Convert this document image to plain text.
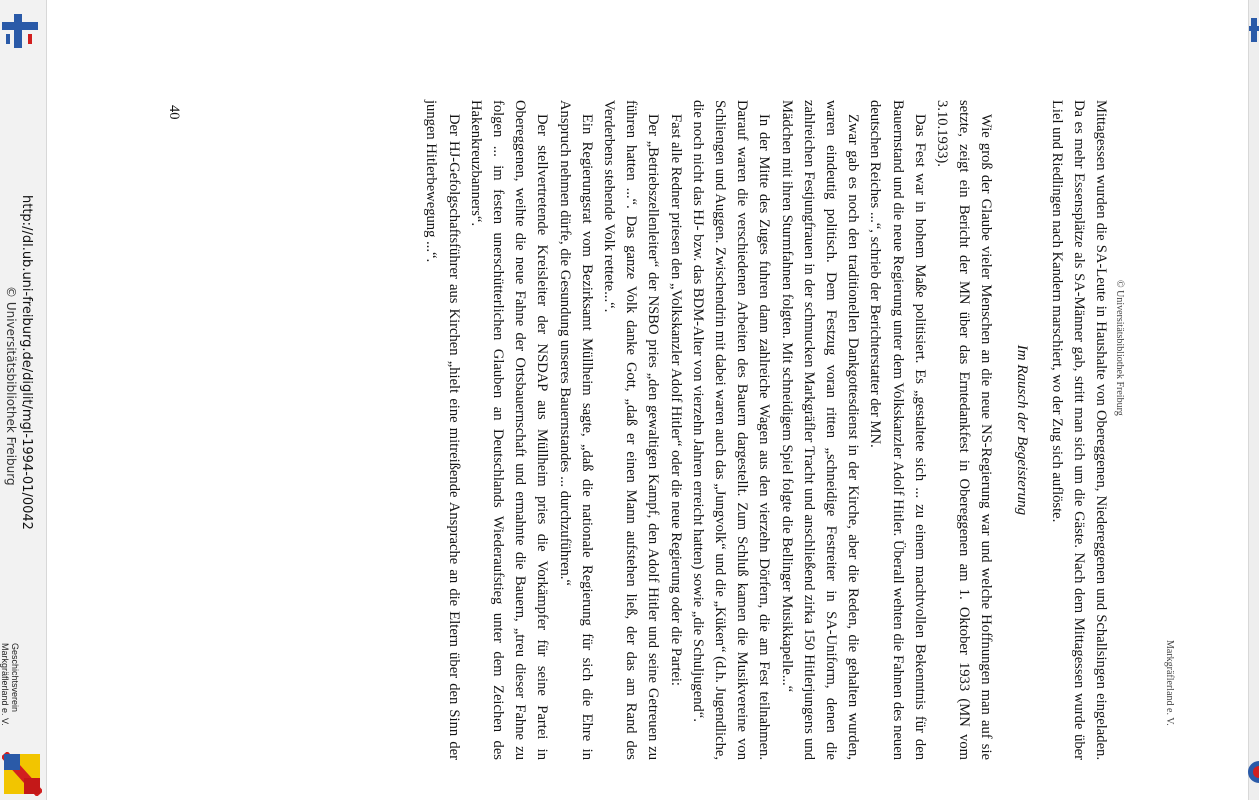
http://dl.ub.uni-freiburg.de/diglit/mgl-1994-01/0042
© Universitätsbibliothek Freiburg
Geschichtsverein
Markgräflerland e. V.
© Universitätsbibliothek Freiburg
Markgräflerland e. V.
40	Mittagessen wurden die SA-Leute in Haushalte von Obereggenen, Niedereggenen und Schallsingen eingeladen. Da es mehr Essensplätze als SA-Männer gab, stritt man sich um die Gäste. Nach dem Mittagessen wurde über Liel und Riedlingen nach Kandern marschiert, wo der Zug sich auflöste.

Im Rausch der Begeisterung

Wie groß der Glaube vieler Menschen an die neue NS-Regierung war und welche Hoffnungen man auf sie setzte, zeigt ein Bericht der MN über das Erntedankfest in Obereggenen am 1. Oktober 1933 (MN vom 3.10.1933).

Das Fest war in hohem Maße politisiert. Es „gestaltete sich ... zu einem machtvollen Bekenntnis für den Bauernstand und die neue Regierung unter dem Volkskanzler Adolf Hitler. Überall wehten die Fahnen des neuen deutschen Reiches ...“, schrieb der Berichterstatter der MN.

Zwar gab es noch den traditionellen Dankgottesdienst in der Kirche, aber die Reden, die gehalten wurden, waren eindeutig politisch. Dem Festzug voran ritten „schneidige Festreiter in SA-Uniform, denen die zahlreichen Festjungfrauen in der schmucken Markgräfler Tracht und anschließend zirka 150 Hitlerjungens und Mädchen mit ihren Sturmfahnen folgten. Mit schneidigem Spiel folgte die Bellinger Musikkapelle...“

In der Mitte des Zuges fuhren dann zahlreiche Wagen aus den vierzehn Dörfern, die am Fest teilnahmen. Darauf waren die verschiedenen Arbeiten des Bauern dargestellt. Zum Schluß kamen die Musikvereine von Schliengen und Auggen. Zwischendrin mit dabei waren auch das „Jungvolk“ und die „Küken“ (d.h. Jugendliche, die noch nicht das HJ- bzw. das BDM-Alter von vierzehn Jahren erreicht hatten) sowie „die Schuljugend“.

Fast alle Redner priesen den „Volkskanzler Adolf Hitler“ oder die neue Regierung oder die Partei:

Der „Betriebszellenleiter“ der NSBO pries „den gewaltigen Kampf, den Adolf Hitler und seine Getreuen zu führen hatten ...“. Das ganze Volk danke Gott, „daß er einen Mann aufstehen ließ, der das am Rand des Verderbens stehende Volk rettete...“.

Ein Regierungsrat vom Bezirksamt Müllheim sagte, „daß die nationale Regierung für sich die Ehre in Anspruch nehmen dürfe, die Gesundung unseres Bauernstandes ... durchzuführen.“

Der stellvertretende Kreisleiter der NSDAP aus Müllheim pries die Vorkämpfer für seine Partei in Obereggenen, weihte die neue Fahne der Ortsbauernschaft und ermahnte die Bauern, „treu dieser Fahne zu folgen ... im festen unerschütterlichen Glauben an Deutschlands Wiederaufstieg unter dem Zeichen des Hakenkreuzbanners“.

Der HJ-Gefolgschaftsführer aus Kirchen „hielt eine mitreißende Ansprache an die Eltern über den Sinn der jungen Hitlerbewegung ...“.
